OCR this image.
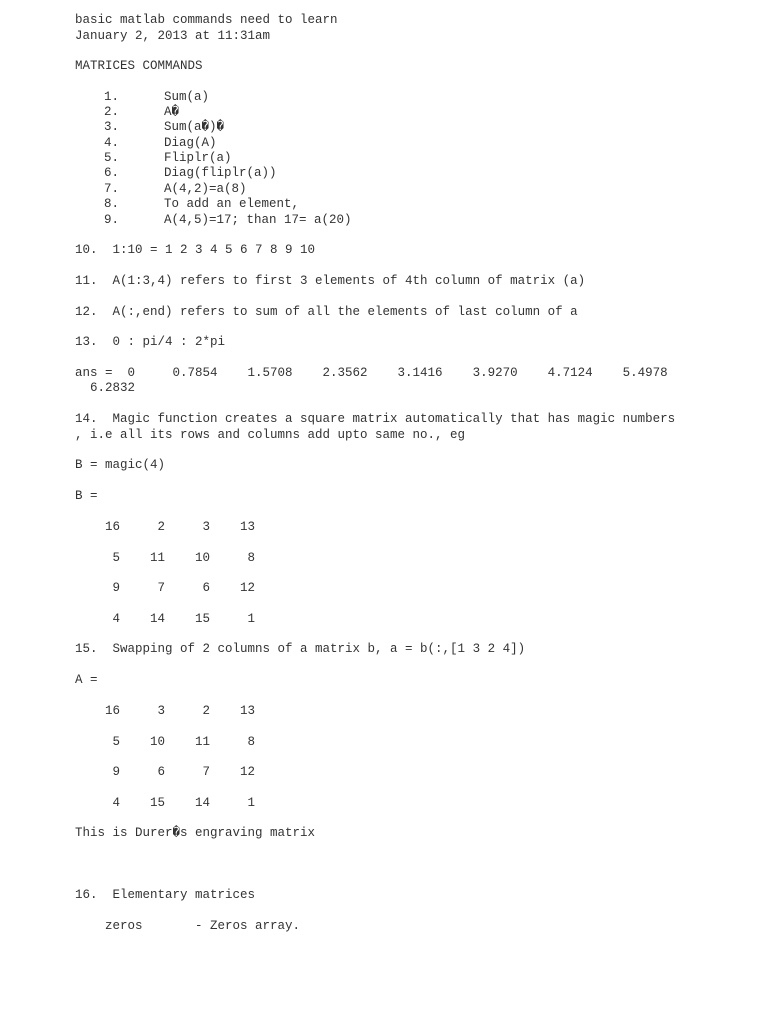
basic matlab commands need to learn
January 2, 2013 at 11:31am
MATRICES COMMANDS
1.	Sum(a)
2.	A�
3.	Sum(a�)�
4.	Diag(A)
5.	Fliplr(a)
6.	Diag(fliplr(a))
7.	A(4,2)=a(8)
8.	To add an element,
9.	A(4,5)=17; than 17= a(20)
10.  1:10 = 1 2 3 4 5 6 7 8 9 10
11.  A(1:3,4) refers to first 3 elements of 4th column of matrix (a)
12.  A(:,end) refers to sum of all the elements of last column of a
13.  0 : pi/4 : 2*pi
ans =  0     0.7854    1.5708    2.3562    3.1416    3.9270    4.7124    5.4978
6.2832
14.  Magic function creates a square matrix automatically that has magic numbers
, i.e all its rows and columns add upto same no., eg
B = magic(4)
B =
15.  Swapping of 2 columns of a matrix b, a = b(:,[1 3 2 4])
A =
This is Durer�s engraving matrix
16.  Elementary matrices
zeros	- Zeros array.
16	2	3	13
5	11	10	8
9	7	6	12
4	14	15	1
16	3	2	13
5	10	11	8
9	6	7	12
4	15	14	1
